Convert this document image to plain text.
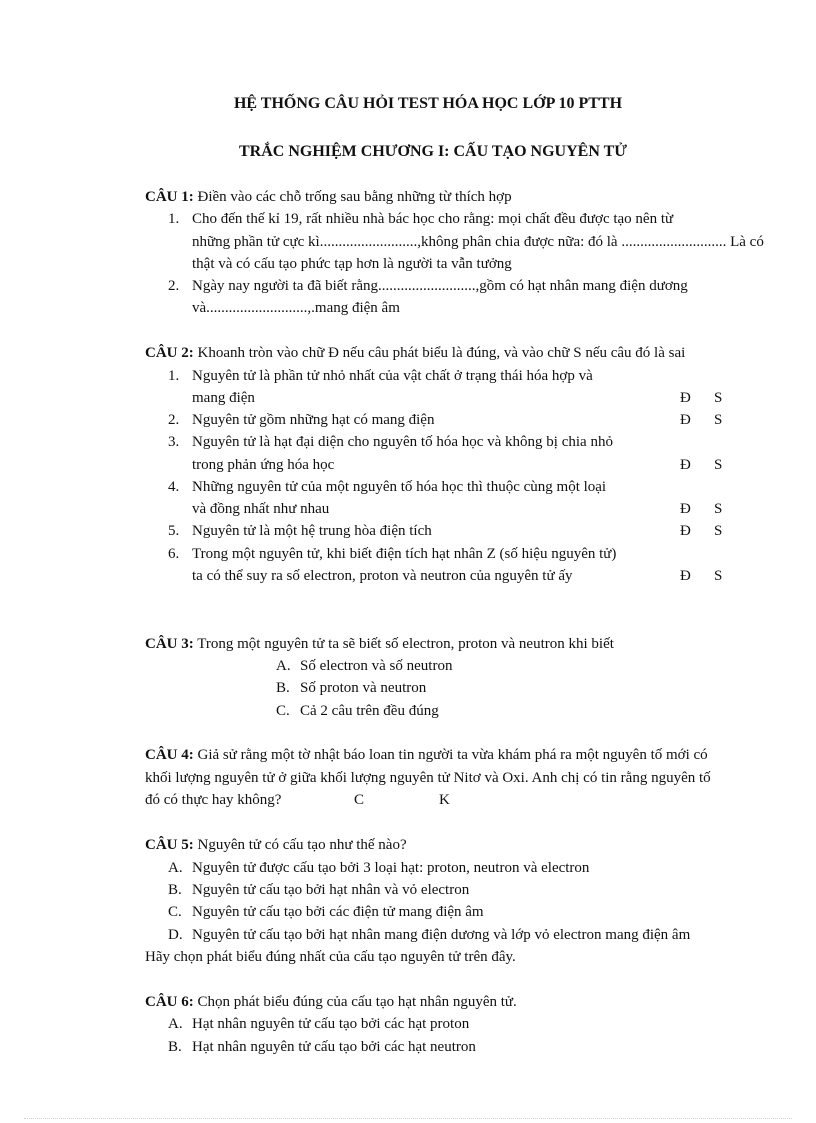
HỆ THỐNG CÂU HỎI TEST HÓA HỌC LỚP 10 PTTH
TRẮC NGHIỆM CHƯƠNG I: CẤU TẠO NGUYÊN TỬ
CÂU 1: Điền vào các chỗ trống sau bằng những từ thích hợp
1. Cho đến thế kỉ 19, rất nhiều nhà bác học cho rằng: mọi chất đều được tạo nên từ
những phần tử cực kì..........................,không phân chia được nữa: đó là ............................ Là có
thật và có cấu tạo phức tạp hơn là người ta vẫn tưởng
2. Ngày nay người ta đã biết rằng..........................,gồm có hạt nhân mang điện dương
và...........................,.mang điện âm
CÂU 2: Khoanh tròn vào chữ Đ nếu câu phát biểu là đúng, và vào chữ S nếu câu đó là sai
1. Nguyên tử là phần tử nhỏ nhất của vật chất ở trạng thái hóa hợp và
mang điện	Đ S
2. Nguyên tử gồm những hạt có mang điện	Đ S
3. Nguyên tử là hạt đại diện cho nguyên tố hóa học và không bị chia nhỏ
trong phản ứng hóa học	Đ S
4. Những nguyên tử của một nguyên tố hóa học thì thuộc cùng một loại
và đồng nhất như nhau	Đ S
5. Nguyên tử là một hệ trung hòa điện tích	Đ S
6. Trong một nguyên tử, khi biết điện tích hạt nhân Z (số hiệu nguyên tử)
ta có thể suy ra số electron, proton và neutron của nguyên tử ấy	Đ S
CÂU 3: Trong một nguyên tử ta sẽ biết số electron, proton và neutron khi biết
A. Số electron và số neutron
B. Số proton và neutron
C. Cả 2 câu trên đều đúng
CÂU 4: Giả sử rằng một tờ nhật báo loan tin người ta vừa khám phá ra một nguyên tố mới có
khối lượng nguyên tử ở giữa khối lượng nguyên tử Nitơ và Oxi. Anh chị có tin rằng nguyên tố
đó có thực hay không?	C	K
CÂU 5: Nguyên tử có cấu tạo như thế nào?
A. Nguyên tử được cấu tạo bởi 3 loại hạt: proton, neutron và electron
B. Nguyên tử cấu tạo bởi hạt nhân và vỏ electron
C. Nguyên tử cấu tạo bởi các điện tử mang điện âm
D. Nguyên tử cấu tạo bởi hạt nhân mang điện dương và lớp vỏ electron mang điện âm
Hãy chọn phát biểu đúng nhất của cấu tạo nguyên tử trên đây.
CÂU 6: Chọn phát biểu đúng của cấu tạo hạt nhân nguyên tử.
A. Hạt nhân nguyên tử cấu tạo bởi các hạt proton
B. Hạt nhân nguyên tử cấu tạo bởi các hạt neutron
